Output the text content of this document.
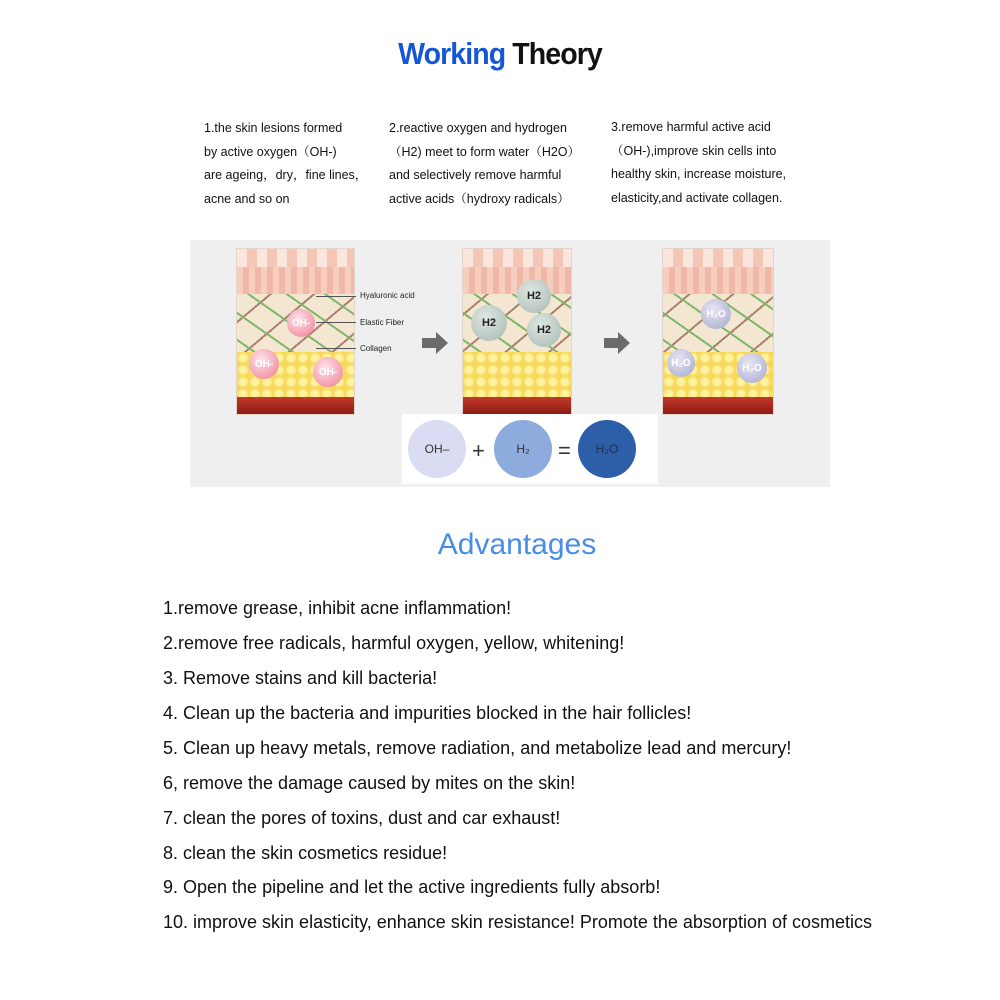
Working Theory
1.the skin lesions formed
by active oxygen（OH-)
are ageing，dry，fine lines，
acne and so on
2.reactive oxygen and hydrogen
（H2) meet to form water（H2O）
and selectively remove harmful
active acids（hydroxy radicals）
3.remove harmful active acid
（OH-),improve skin cells into
healthy skin, increase moisture,
elasticity,and activate collagen.
OH-
OH-
OH-
Hyaluronic acid
Elastic Fiber
Collagen
H2
H2
H2
H₂O
H₂O	H₂O
OH–	+	H₂	=	H₂O
Advantages
1.remove grease, inhibit acne inflammation!
2.remove free radicals, harmful oxygen, yellow, whitening!
3. Remove stains and kill bacteria!
4. Clean up the bacteria and impurities blocked in the hair follicles!
5. Clean up heavy metals, remove radiation, and metabolize lead and mercury!
6, remove the damage caused by mites on the skin!
7. clean the pores of toxins, dust and car exhaust!
8. clean the skin cosmetics residue!
9. Open the pipeline and let the active ingredients fully absorb!
10. improve skin elasticity, enhance skin resistance! Promote the absorption of cosmetics
